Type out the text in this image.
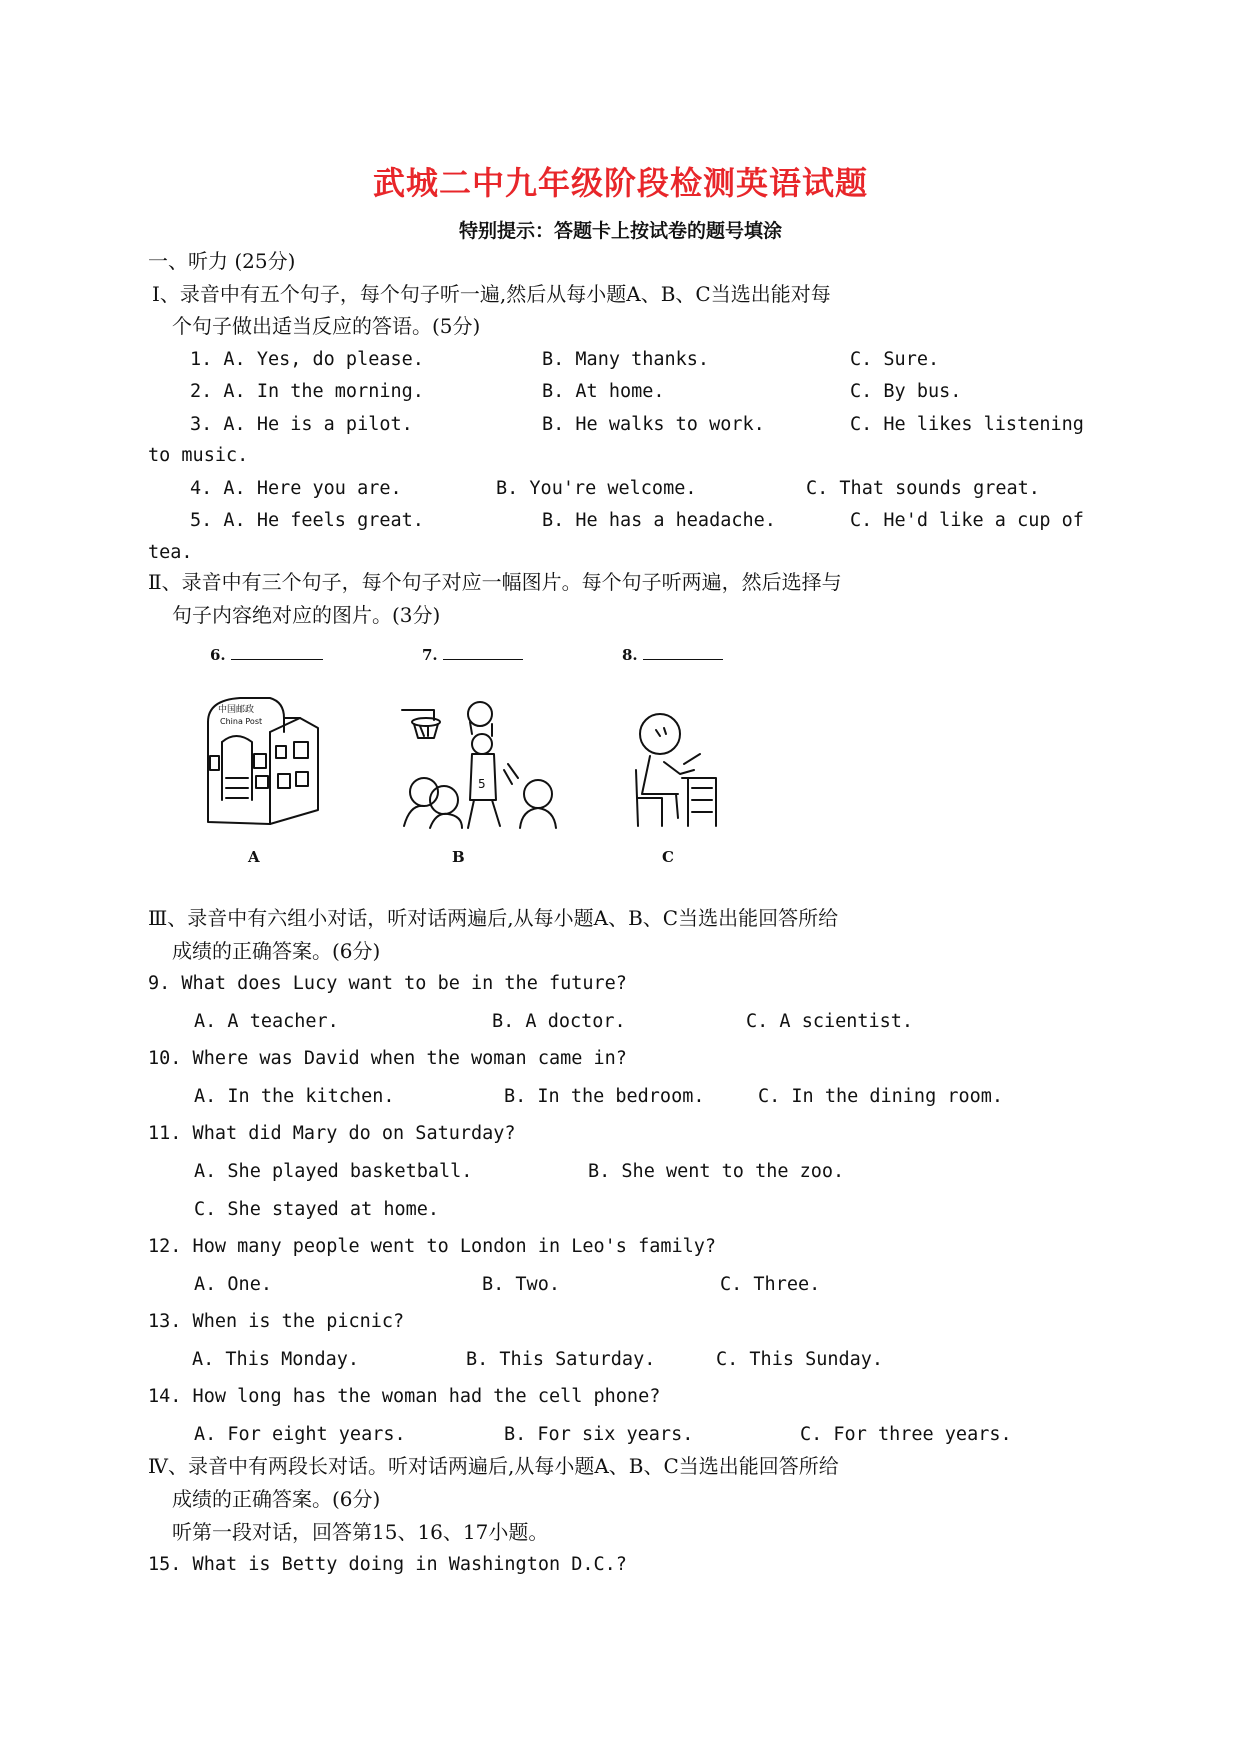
武城二中九年级阶段检测英语试题
特别提示：答题卡上按试卷的题号填涂
一、听力 (25分)
Ⅰ、录音中有五个句子，每个句子听一遍,然后从每小题A、B、C当选出能对每
个句子做出适当反应的答语。(5分)
1. A. Yes, do please.	B. Many thanks.	C. Sure.
2. A. In the morning.	B. At home.	C. By bus.
3. A. He is a pilot.	B. He walks to work.	C. He likes listening
to music.
4. A. Here you are.	B. You're welcome.	C. That sounds great.
5. A. He feels great.	B. He has a headache.	C. He'd like a cup of
tea.
Ⅱ、录音中有三个句子，每个句子对应一幅图片。每个句子听两遍，然后选择与
句子内容绝对应的图片。(3分)
6.	7.	8.
中国邮政
China Post
A
5
B	C
Ⅲ、录音中有六组小对话，听对话两遍后,从每小题A、B、C当选出能回答所给
成绩的正确答案。(6分)
9. What does Lucy want to be in the future?
A. A teacher.	B. A doctor.	C. A scientist.
10. Where was David when the woman came in?
A. In the kitchen.	B. In the bedroom.	C. In the dining room.
11. What did Mary do on Saturday?
A. She played basketball.	B. She went to the zoo.
C. She stayed at home.
12. How many people went to London in Leo's family?
A. One.	B. Two.	C. Three.
13. When is the picnic?
A. This Monday.	B. This Saturday.	C. This Sunday.
14. How long has the woman had the cell phone?
A. For eight years.	B. For six years.	C. For three years.
Ⅳ、录音中有两段长对话。听对话两遍后,从每小题A、B、C当选出能回答所给
成绩的正确答案。(6分)
听第一段对话，回答第15、16、17小题。
15. What is Betty doing in Washington D.C.?
